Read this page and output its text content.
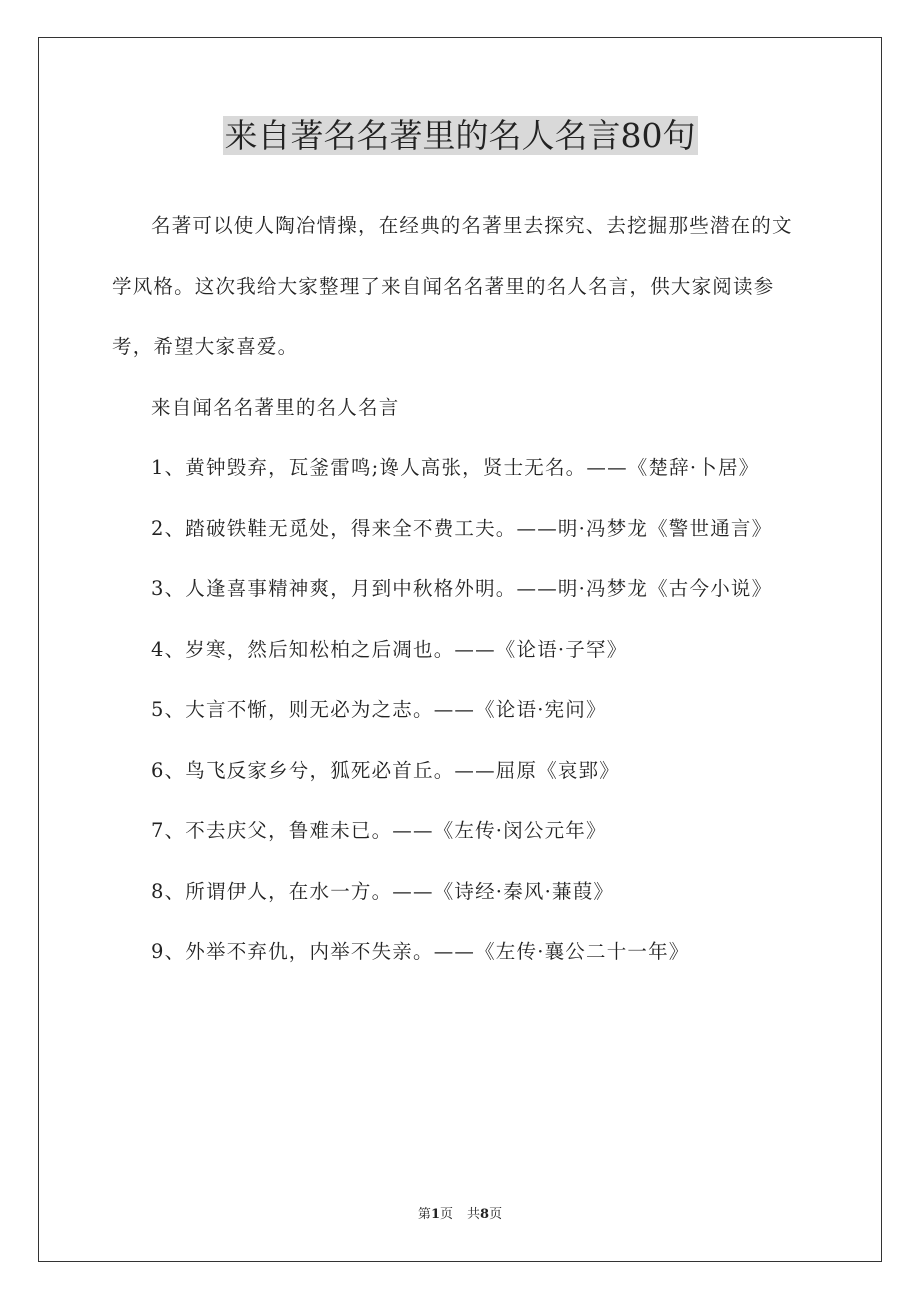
来自著名名著里的名人名言80句

名著可以使人陶冶情操，在经典的名著里去探究、去挖掘那些潜在的文学风格。这次我给大家整理了来自闻名名著里的名人名言，供大家阅读参考，希望大家喜爱。

来自闻名名著里的名人名言

1、黄钟毁弃，瓦釜雷鸣;谗人高张，贤士无名。——《楚辞·卜居》

2、踏破铁鞋无觅处，得来全不费工夫。——明·冯梦龙《警世通言》

3、人逢喜事精神爽，月到中秋格外明。——明·冯梦龙《古今小说》

4、岁寒，然后知松柏之后凋也。——《论语·子罕》

5、大言不惭，则无必为之志。——《论语·宪问》

6、鸟飞反家乡兮，狐死必首丘。——屈原《哀郢》

7、不去庆父，鲁难未已。——《左传·闵公元年》

8、所谓伊人，在水一方。——《诗经·秦风·蒹葭》

9、外举不弃仇，内举不失亲。——《左传·襄公二十一年》

第1页 共8页
